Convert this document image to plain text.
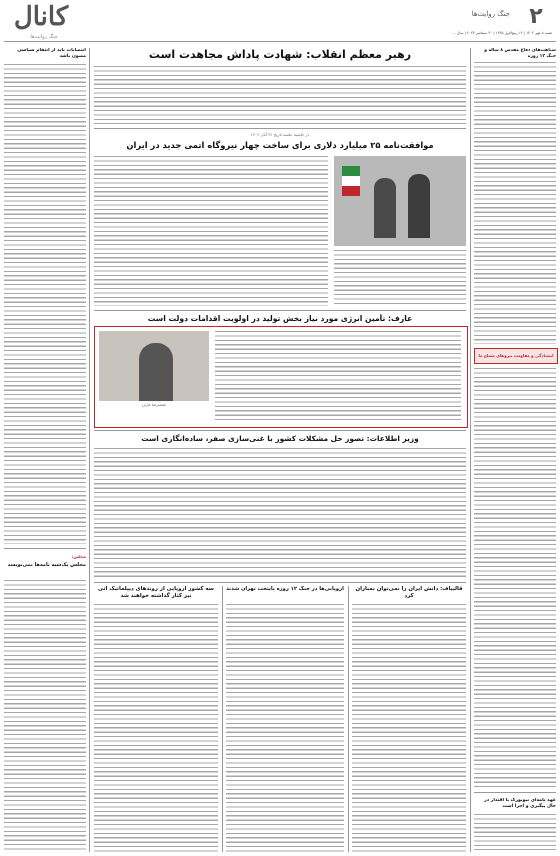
کانال
جنگ روایت‌ها
۲
جنگ روایت‌ها
شنبه ۸ مهر ۱۴۰۲ | ۱۴ ربیع‌الاول ۱۴۴۵ | ۳۰ سپتامبر ۲۰۲۳ | سال ...
انتصابات باید از انتقام سیاسی مصون باشد
مجلس:
مجلس یک‌شبه نامه‌ها نمی‌نویسد
شباهت‌های دفاع مقدس ۸ ساله و جنگ ۱۲ روزه
ایستادگی و مقاومت نیروهای مسلح ما
عهد نامه‌ای نیویورک با اقتدار در حال پیگیری و اجرا است
رهبر معظم انقلاب: شهادت پاداش مجاهدت است
در حاشیه جلسه تاریخ ۳۱ آبان ۱۴۰۲
موافقت‌نامه ۲۵ میلیارد دلاری برای ساخت چهار نیروگاه اتمی جدید در ایران
عارف: تأمین انرژی مورد نیاز بخش تولید در اولویت اقدامات دولت است
محمدرضا عارف
وزیر اطلاعات: تصور حل مشکلات کشور با غنی‌سازی صفر، ساده‌انگاری است
سه کشور اروپایی از روندهای دیپلماتیک آتی نیز کنار گذاشته خواهند شد
اروپایی‌ها در جنگ ۱۲ روزه پایتخت تهران شدند	قالیباف: دانش ایران را نمی‌توان بمباران کرد
